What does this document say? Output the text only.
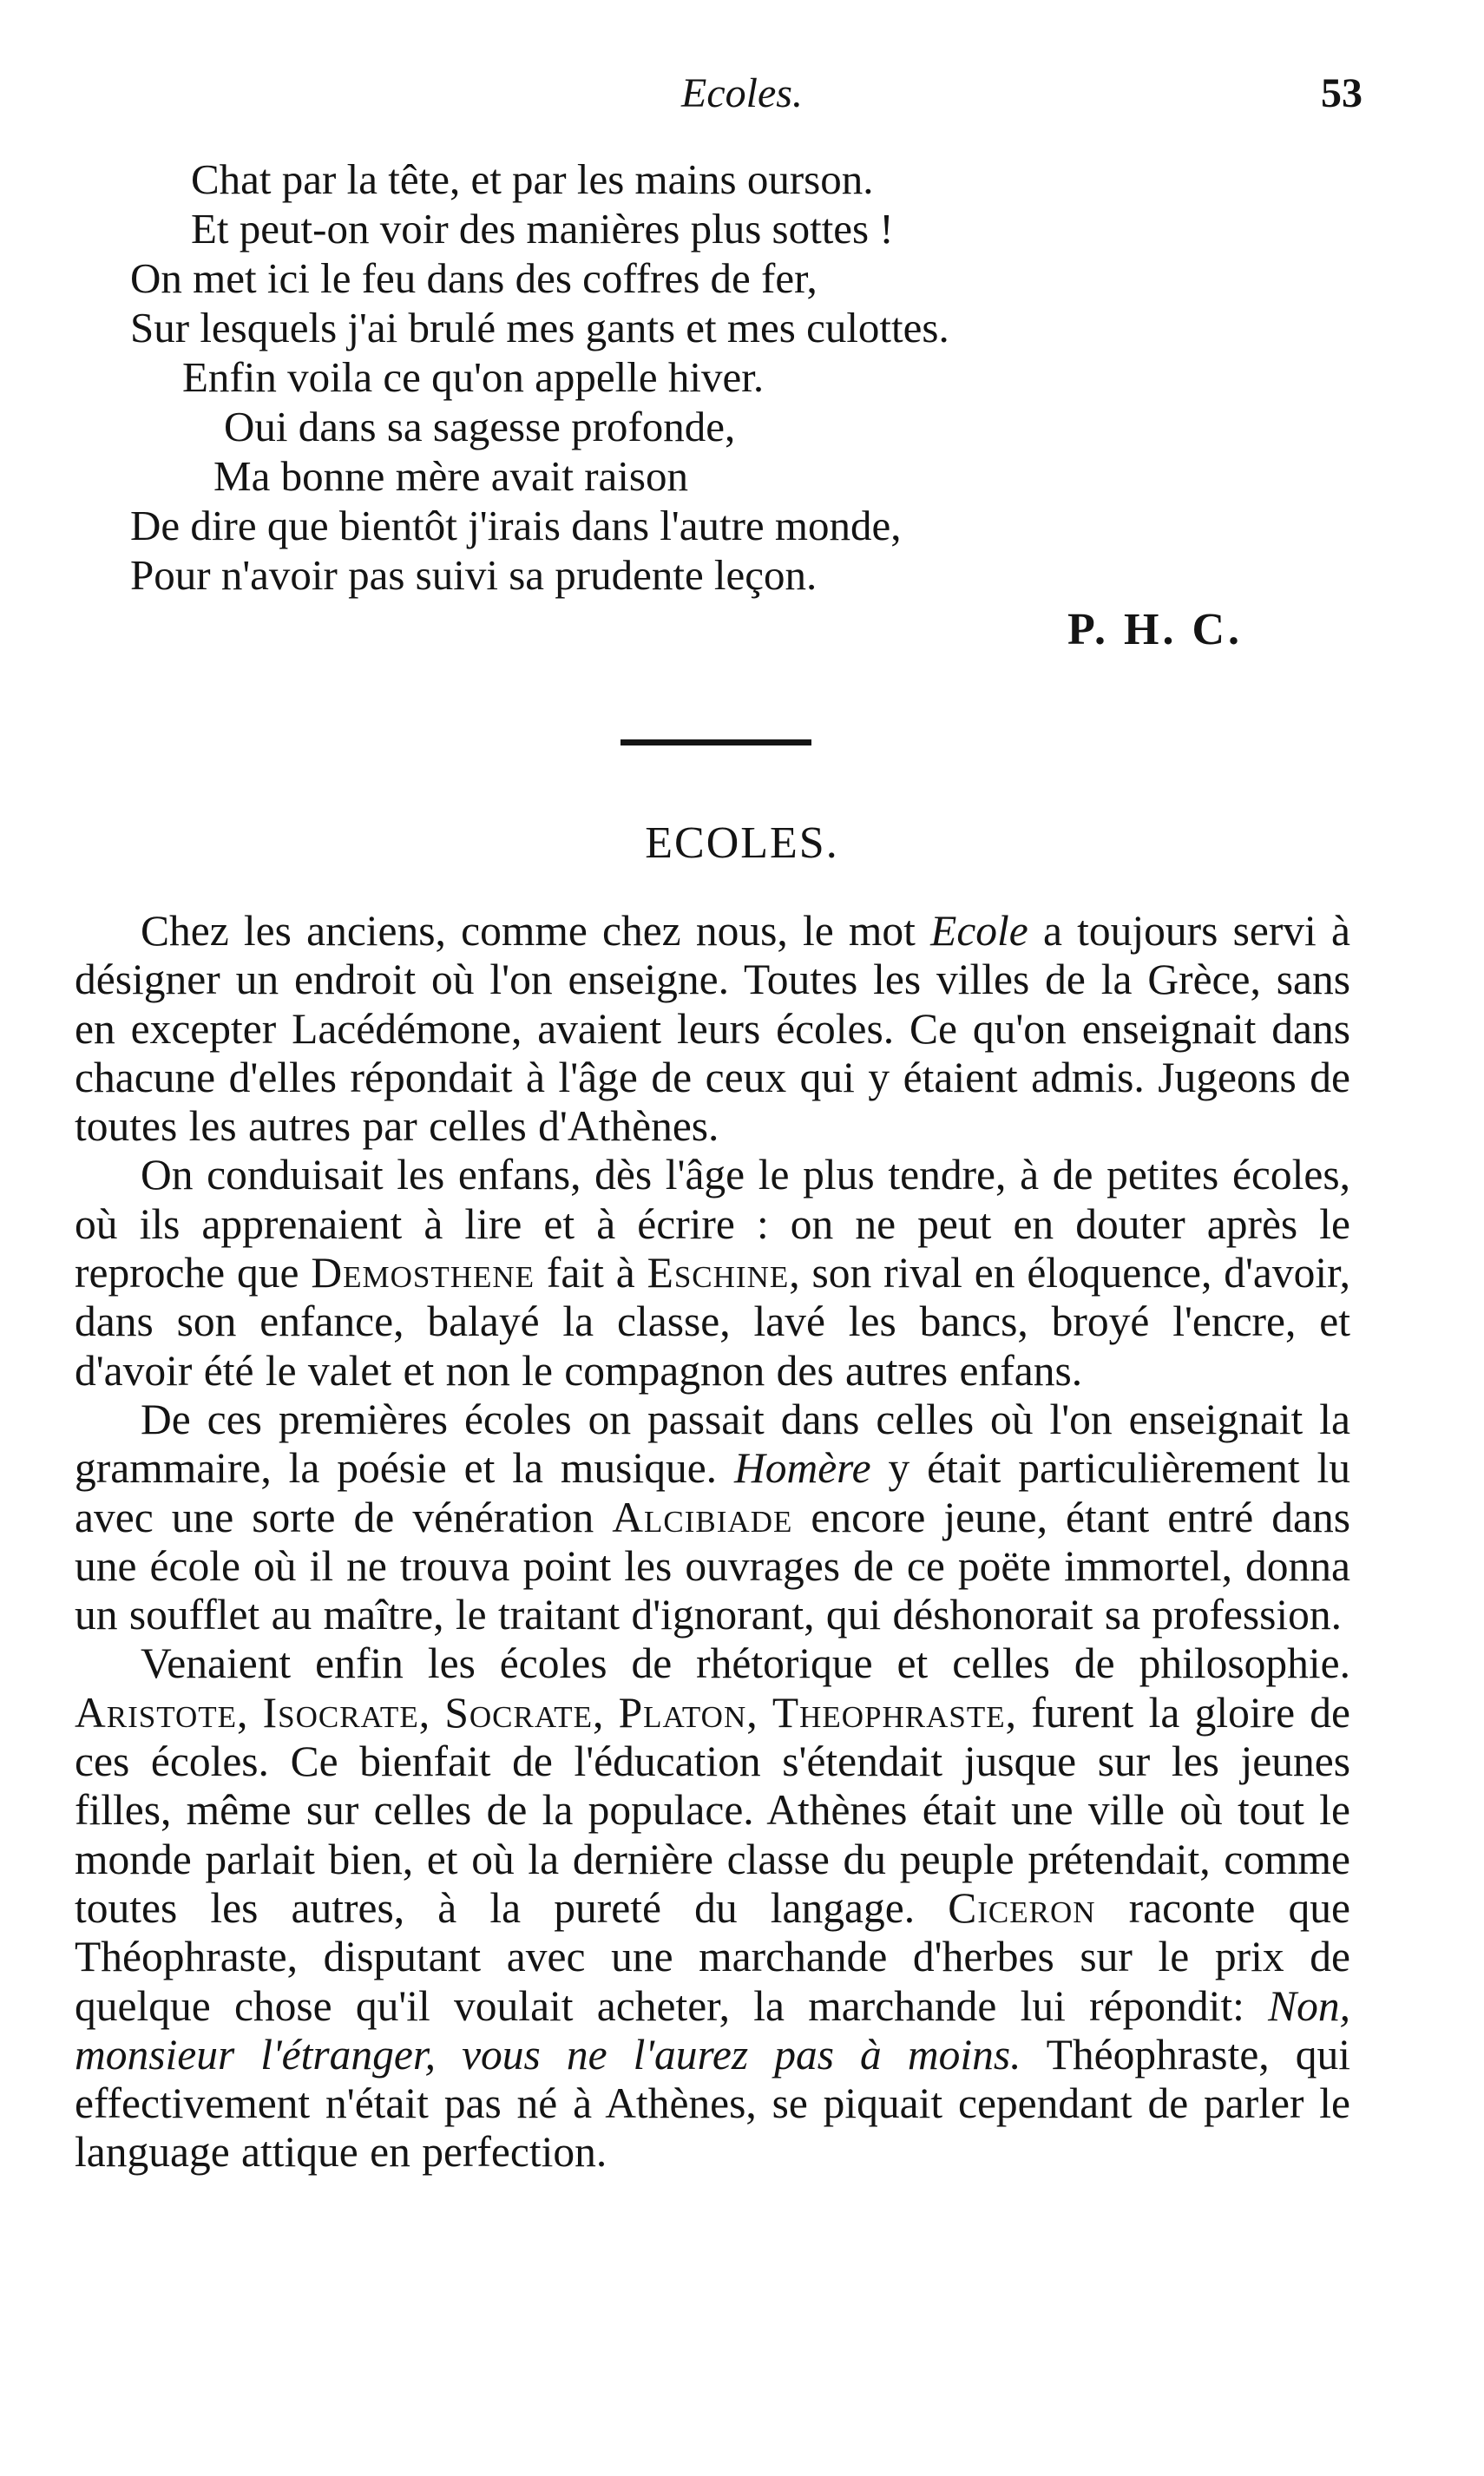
Ecoles.	53
Chat par la tête, et par les mains ourson.
Et peut-on voir des manières plus sottes !
On met ici le feu dans des coffres de fer,
Sur lesquels j'ai brulé mes gants et mes culottes.
Enfin voila ce qu'on appelle hiver.
Oui dans sa sagesse profonde,
Ma bonne mère avait raison
De dire que bientôt j'irais dans l'autre monde,
Pour n'avoir pas suivi sa prudente leçon.
P. H. C.
ECOLES.

Chez les anciens, comme chez nous, le mot Ecole a toujours servi à désigner un endroit où l'on enseigne. Toutes les villes de la Grèce, sans en excepter Lacédémone, avaient leurs écoles. Ce qu'on enseignait dans chacune d'elles répondait à l'âge de ceux qui y étaient admis. Jugeons de toutes les autres par celles d'Athènes.

On conduisait les enfans, dès l'âge le plus tendre, à de petites écoles, où ils apprenaient à lire et à écrire : on ne peut en douter après le reproche que Demosthene fait à Eschine, son rival en éloquence, d'avoir, dans son enfance, balayé la classe, lavé les bancs, broyé l'encre, et d'avoir été le valet et non le compagnon des autres enfans.

De ces premières écoles on passait dans celles où l'on enseignait la grammaire, la poésie et la musique. Homère y était particulièrement lu avec une sorte de vénération Alcibiade encore jeune, étant entré dans une école où il ne trouva point les ouvrages de ce poëte immortel, donna un soufflet au maître, le traitant d'ignorant, qui déshonorait sa profession.

Venaient enfin les écoles de rhétorique et celles de philosophie. Aristote, Isocrate, Socrate, Platon, Theophraste, furent la gloire de ces écoles. Ce bienfait de l'éducation s'étendait jusque sur les jeunes filles, même sur celles de la populace. Athènes était une ville où tout le monde parlait bien, et où la dernière classe du peuple prétendait, comme toutes les autres, à la pureté du langage. Ciceron raconte que Théophraste, disputant avec une marchande d'herbes sur le prix de quelque chose qu'il voulait acheter, la marchande lui répondit: Non, monsieur l'étranger, vous ne l'aurez pas à moins. Théophraste, qui effectivement n'était pas né à Athènes, se piquait cependant de parler le language attique en perfection.
